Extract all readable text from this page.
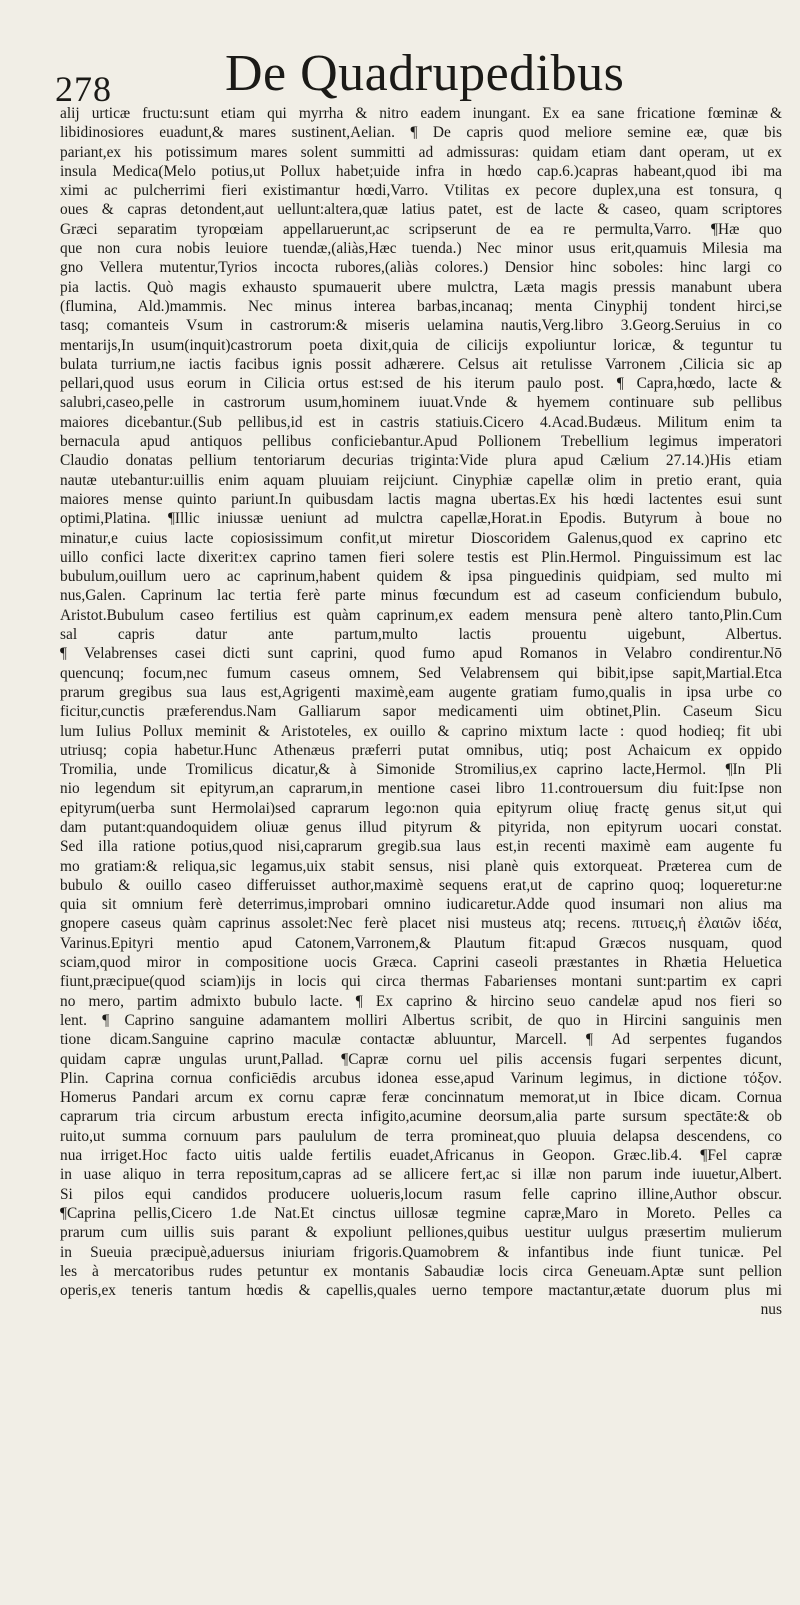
278 De Quadrupedibus
alij urticæ fructu:sunt etiam qui myrrha & nitro eadem inungant. Ex ea sane fricatione fœminæ &
libidinosiores euadunt,& mares sustinent,Aelian. ¶ De capris quod meliore semine eæ, quæ bis
pariant,ex his potissimum mares solent summitti ad admissuras: quidam etiam dant operam, ut ex
insula Medica(Melo potius,ut Pollux habet;uide infra in hœdo cap.6.)capras habeant,quod ibi ma
ximi ac pulcherrimi fieri existimantur hœdi,Varro. Vtilitas ex pecore duplex,una est tonsura, q
oues & capras detondent,aut uellunt:altera,quæ latius patet, est de lacte & caseo, quam scriptores
Græci separatim tyropœiam appellaruerunt,ac scripserunt de ea re permulta,Varro. ¶Hæ quo
que non cura nobis leuiore tuendæ,(aliàs,Hæc tuenda.) Nec minor usus erit,quamuis Milesia ma
gno Vellera mutentur,Tyrios incocta rubores,(aliàs colores.) Densior hinc soboles: hinc largi co
pia lactis. Quò magis exhausto spumauerit ubere mulctra, Læta magis pressis manabunt ubera
(flumina, Ald.)mammis. Nec minus interea barbas,incanaq; menta Cinyphij tondent hirci,se
tasq; comanteis Vsum in castrorum:& miseris uelamina nautis,Verg.libro 3.Georg.Seruius in co
mentarijs,In usum(inquit)castrorum poeta dixit,quia de cilicijs expoliuntur loricæ, & teguntur tu
bulata turrium,ne iactis facibus ignis possit adhærere. Celsus ait retulisse Varronem ,Cilicia sic ap
pellari,quod usus eorum in Cilicia ortus est:sed de his iterum paulo post. ¶ Capra,hœdo, lacte &
salubri,caseo,pelle in castrorum usum,hominem iuuat.Vnde & hyemem continuare sub pellibus
maiores dicebantur.(Sub pellibus,id est in castris statiuis.Cicero 4.Acad.Budæus. Militum enim ta
bernacula apud antiquos pellibus conficiebantur.Apud Pollionem Trebellium legimus imperatori
Claudio donatas pellium tentoriarum decurias triginta:Vide plura apud Cælium 27.14.)His etiam
nautæ utebantur:uillis enim aquam pluuiam reijciunt. Cinyphiæ capellæ olim in pretio erant, quia
maiores mense quinto pariunt.In quibusdam lactis magna ubertas.Ex his hœdi lactentes esui sunt
optimi,Platina. ¶Illic iniussæ ueniunt ad mulctra capellæ,Horat.in Epodis. Butyrum à boue no
minatur,e cuius lacte copiosissimum confit,ut miretur Dioscoridem Galenus,quod ex caprino etc
uillo confici lacte dixerit:ex caprino tamen fieri solere testis est Plin.Hermol. Pinguissimum est lac
bubulum,ouillum uero ac caprinum,habent quidem & ipsa pinguedinis quidpiam, sed multo mi
nus,Galen. Caprinum lac tertia ferè parte minus fœcundum est ad caseum conficiendum bubulo,
Aristot.Bubulum caseo fertilius est quàm caprinum,ex eadem mensura penè altero tanto,Plin.Cum
sal capris datur ante partum,multo lactis prouentu uigebunt, Albertus.
¶ Velabrenses casei dicti sunt caprini, quod fumo apud Romanos in Velabro condirentur.Nō
quencunq; focum,nec fumum caseus omnem, Sed Velabrensem qui bibit,ipse sapit,Martial.Etca
prarum gregibus sua laus est,Agrigenti maximè,eam augente gratiam fumo,qualis in ipsa urbe co
ficitur,cunctis præferendus.Nam Galliarum sapor medicamenti uim obtinet,Plin. Caseum Sicu
lum Iulius Pollux meminit & Aristoteles, ex ouillo & caprino mixtum lacte : quod hodieq; fit ubi
utriusq; copia habetur.Hunc Athenæus præferri putat omnibus, utiq; post Achaicum ex oppido
Tromilia, unde Tromilicus dicatur,& à Simonide Stromilius,ex caprino lacte,Hermol. ¶In Pli
nio legendum sit epityrum,an caprarum,in mentione casei libro 11.controuersum diu fuit:Ipse non
epityrum(uerba sunt Hermolai)sed caprarum lego:non quia epityrum oliuę fractę genus sit,ut qui
dam putant:quandoquidem oliuæ genus illud pityrum & pityrida, non epityrum uocari constat.
Sed illa ratione potius,quod nisi,caprarum gregib.sua laus est,in recenti maximè eam augente fu
mo gratiam:& reliqua,sic legamus,uix stabit sensus, nisi planè quis extorqueat. Præterea cum de
bubulo & ouillo caseo differuisset author,maximè sequens erat,ut de caprino quoq; loqueretur:ne
quia sit omnium ferè deterrimus,improbari omnino iudicaretur.Adde quod insumari non alius ma
gnopere caseus quàm caprinus assolet:Nec ferè placet nisi musteus atq; recens. πιτυεις,ἡ ἐλαιῶν ἰδέα,
Varinus.Epityri mentio apud Catonem,Varronem,& Plautum fit:apud Græcos nusquam, quod
sciam,quod miror in compositione uocis Græca. Caprini caseoli præstantes in Rhætia Heluetica
fiunt,præcipue(quod sciam)ijs in locis qui circa thermas Fabarienses montani sunt:partim ex capri
no mero, partim admixto bubulo lacte. ¶ Ex caprino & hircino seuo candelæ apud nos fieri so
lent. ¶ Caprino sanguine adamantem molliri Albertus scribit, de quo in Hircini sanguinis men
tione dicam.Sanguine caprino maculæ contactæ abluuntur, Marcell. ¶ Ad serpentes fugandos
quidam capræ ungulas urunt,Pallad. ¶Capræ cornu uel pilis accensis fugari serpentes dicunt,
Plin. Caprina cornua conficiēdis arcubus idonea esse,apud Varinum legimus, in dictione τόξον.
Homerus Pandari arcum ex cornu capræ feræ concinnatum memorat,ut in Ibice dicam. Cornua
caprarum tria circum arbustum erecta infigito,acumine deorsum,alia parte sursum spectāte:& ob
ruito,ut summa cornuum pars paululum de terra promineat,quo pluuia delapsa descendens, co
nua irriget.Hoc facto uitis ualde fertilis euadet,Africanus in Geopon. Græc.lib.4. ¶Fel capræ
in uase aliquo in terra repositum,capras ad se allicere fert,ac si illæ non parum inde iuuetur,Albert.
Si pilos equi candidos producere uolueris,locum rasum felle caprino illine,Author obscur.
¶Caprina pellis,Cicero 1.de Nat.Et cinctus uillosæ tegmine capræ,Maro in Moreto. Pelles ca
prarum cum uillis suis parant & expoliunt pelliones,quibus uestitur uulgus præsertim mulierum
in Sueuia præcipuè,aduersus iniuriam frigoris.Quamobrem & infantibus inde fiunt tunicæ. Pel
les à mercatoribus rudes petuntur ex montanis Sabaudiæ locis circa Geneuam.Aptæ sunt pellion
operis,ex teneris tantum hœdis & capellis,quales uerno tempore mactantur,ætate duorum plus mi
nus
